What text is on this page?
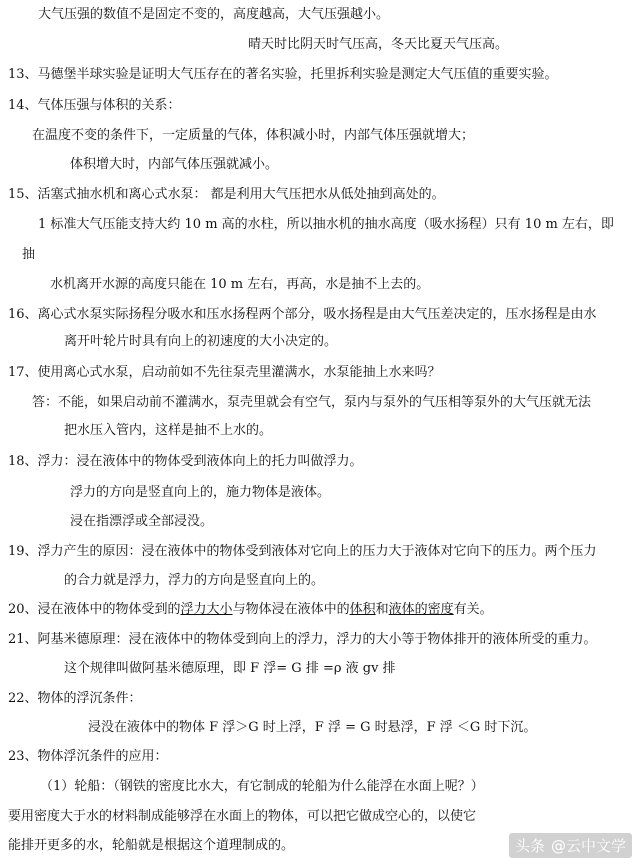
大气压强的数值不是固定不变的，高度越高，大气压强越小。
晴天时比阴天时气压高，冬天比夏天气压高。
13、马德堡半球实验是证明大气压存在的著名实验，托里拆利实验是测定大气压值的重要实验。
14、气体压强与体积的关系：
在温度不变的条件下，一定质量的气体，体积减小时，内部气体压强就增大；
体积增大时，内部气体压强就减小。
15、活塞式抽水机和离心式水泵： 都是利用大气压把水从低处抽到高处的。
1 标准大气压能支持大约 10 m 高的水柱，所以抽水机的抽水高度（吸水扬程）只有 10 m 左右，即
抽
水机离开水源的高度只能在 10 m 左右，再高，水是抽不上去的。
16、离心式水泵实际扬程分吸水和压水扬程两个部分，吸水扬程是由大气压差决定的，压水扬程是由水
离开叶轮片时具有向上的初速度的大小决定的。
17、使用离心式水泵，启动前如不先往泵壳里灌满水，水泵能抽上水来吗？
答：不能，如果启动前不灌满水，泵壳里就会有空气，泵内与泵外的气压相等泵外的大气压就无法
把水压入管内，这样是抽不上水的。
18、浮力：浸在液体中的物体受到液体向上的托力叫做浮力。
浮力的方向是竖直向上的，施力物体是液体。
浸在指漂浮或全部浸没。
19、浮力产生的原因：浸在液体中的物体受到液体对它向上的压力大于液体对它向下的压力。两个压力
的合力就是浮力，浮力的方向是竖直向上的。
20、浸在液体中的物体受到的浮力大小与物体浸在液体中的体积和液体的密度有关。
21、阿基米德原理：浸在液体中的物体受到向上的浮力，浮力的大小等于物体排开的液体所受的重力。
这个规律叫做阿基米德原理，即 F 浮= G 排 =ρ 液 gv 排
22、物体的浮沉条件：
浸没在液体中的物体 F 浮＞G 时上浮，F 浮 = G 时悬浮，F 浮 ＜G 时下沉。
23、物体浮沉条件的应用：
（1）轮船：（钢铁的密度比水大，有它制成的轮船为什么能浮在水面上呢？）
要用密度大于水的材料制成能够浮在水面上的物体，可以把它做成空心的，以使它
能排开更多的水，轮船就是根据这个道理制成的。	头条 @云中文学
